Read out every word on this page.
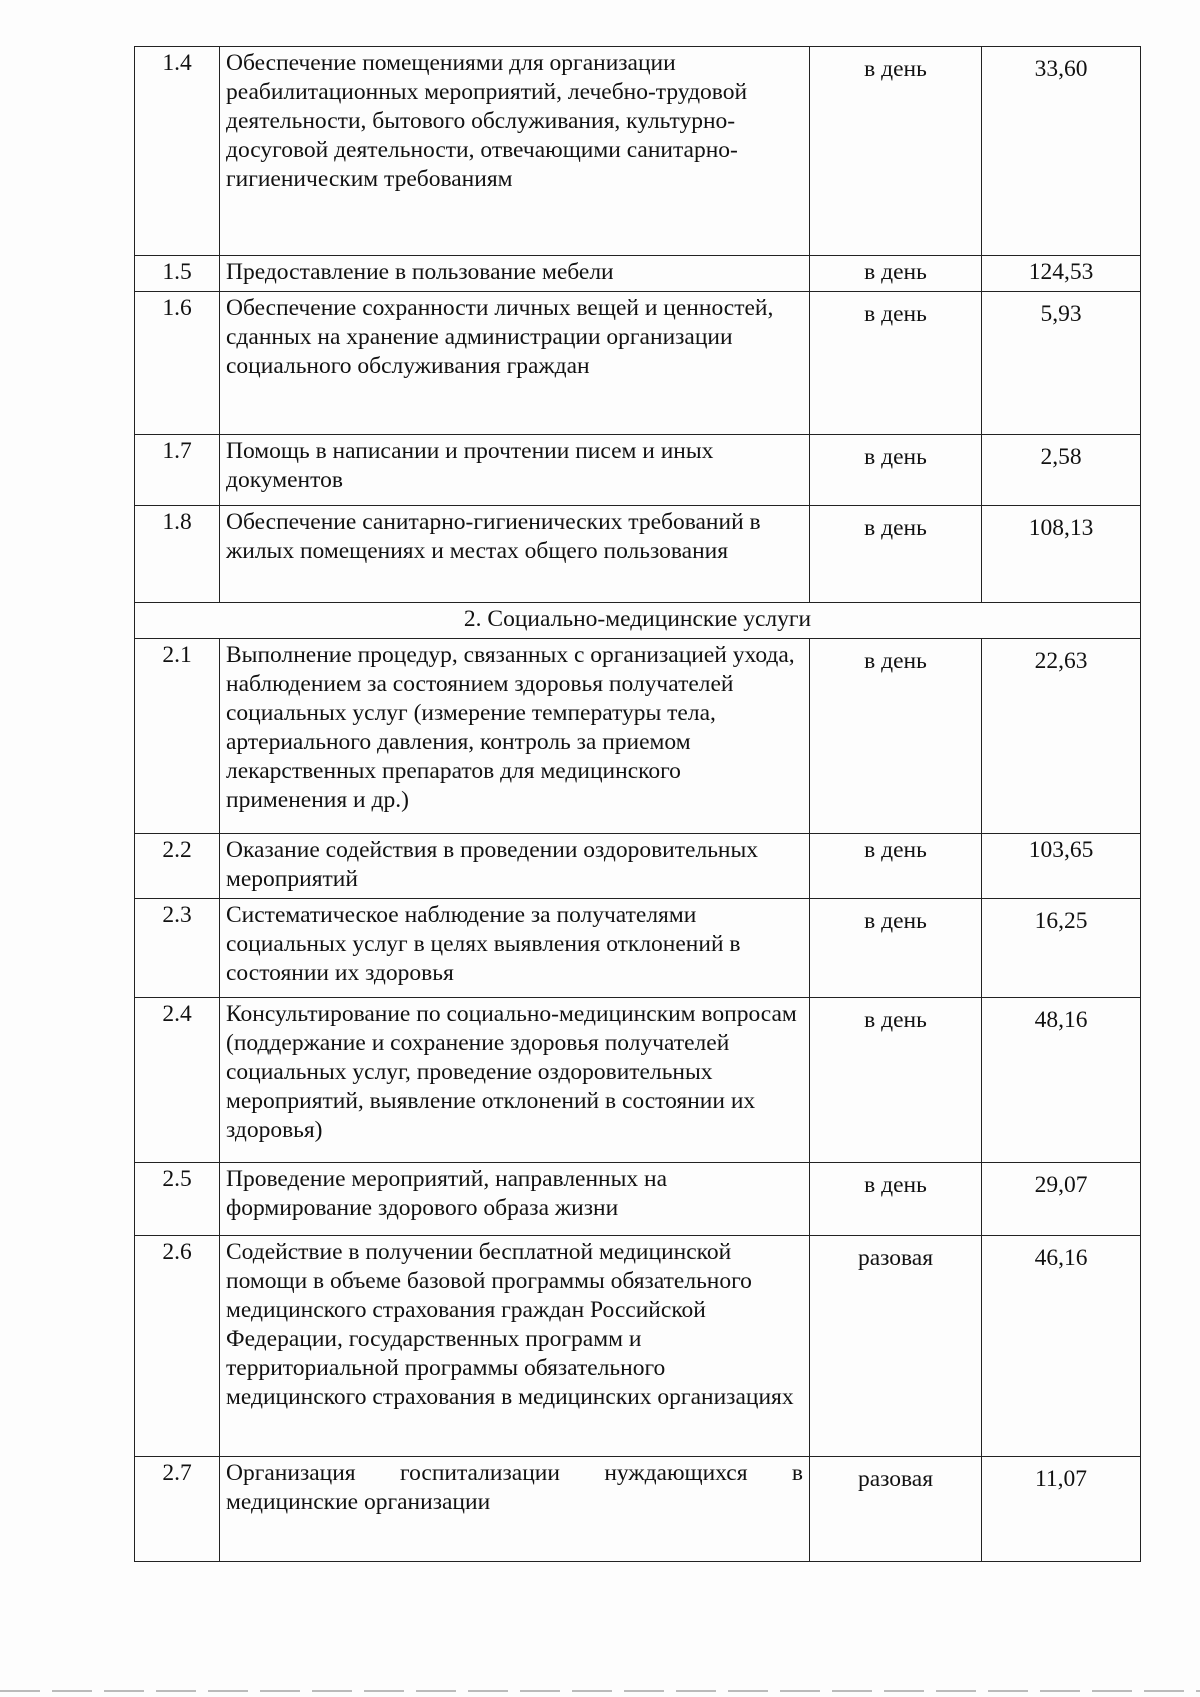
1.4	Обеспечение помещениями для организации реабилитационных мероприятий, лечебно-трудовой деятельности, бытового обслуживания, культурно-досуговой деятельности, отвечающими санитарно-гигиеническим требованиям	в день	33,60
1.5	Предоставление в пользование мебели	в день	124,53
1.6	Обеспечение сохранности личных вещей и ценностей, сданных на хранение администрации организации социального обслуживания граждан	в день	5,93
1.7	Помощь в написании и прочтении писем и иных документов	в день	2,58
1.8	Обеспечение санитарно-гигиенических требований в жилых помещениях и местах общего пользования	в день	108,13
2. Социально-медицинские услуги			
2.1	Выполнение процедур, связанных с организацией ухода, наблюдением за состоянием здоровья получателей социальных услуг (измерение температуры тела, артериального давления, контроль за приемом лекарственных препаратов для медицинского применения и др.)	в день	22,63
2.2	Оказание содействия в проведении оздоровительных мероприятий	в день	103,65
2.3	Систематическое наблюдение за получателями социальных услуг в целях выявления отклонений в состоянии их здоровья	в день	16,25
2.4	Консультирование по социально-медицинским вопросам (поддержание и сохранение здоровья получателей социальных услуг, проведение оздоровительных мероприятий, выявление отклонений в состоянии их здоровья)	в день	48,16
2.5	Проведение мероприятий, направленных на формирование здорового образа жизни	в день	29,07
2.6	Содействие в получении бесплатной медицинской помощи в объеме базовой программы обязательного медицинского страхования граждан Российской Федерации, государственных программ и территориальной программы обязательного медицинского страхования в медицинских организациях	разовая	46,16
2.7	Организация госпитализации нуждающихся в медицинские организации	разовая	11,07
